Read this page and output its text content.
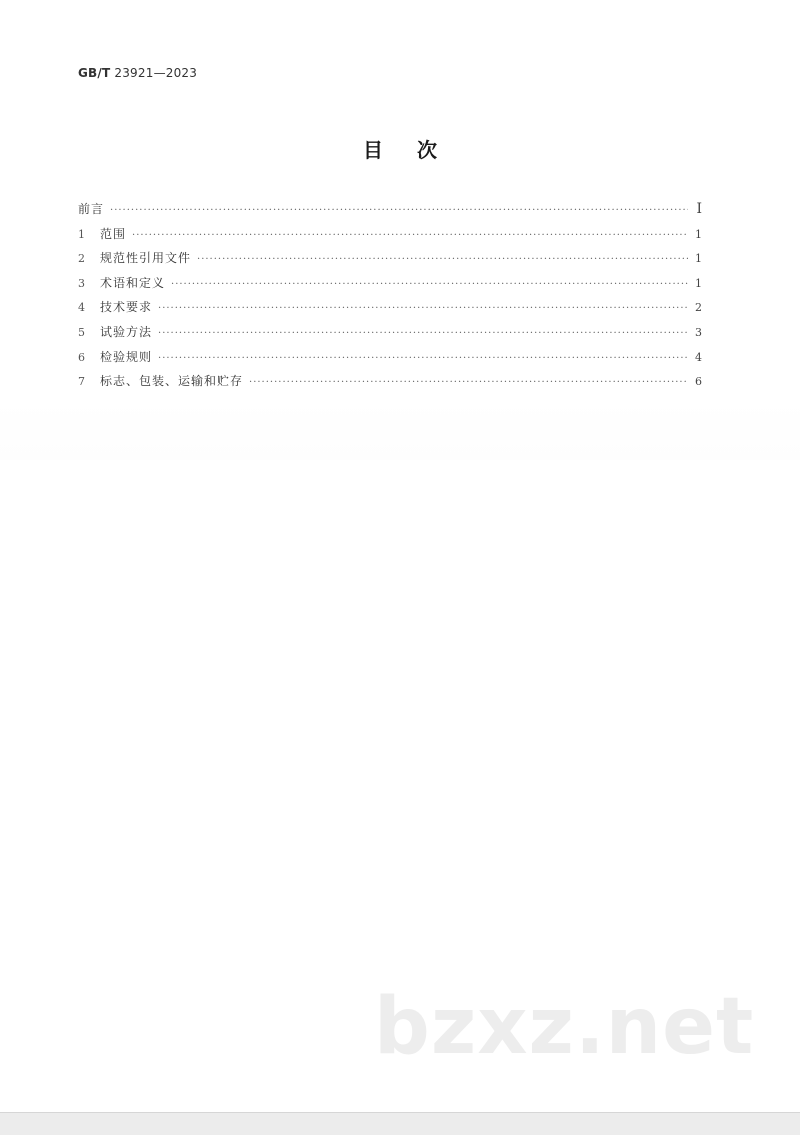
GB/T 23921—2023
目次
前言 ·····	I
1	范围 ·····	1
2	规范性引用文件 ·····	1
3	术语和定义 ·····	1
4	技术要求 ·····	2
5	试验方法 ·····	3
6	检验规则 ·····	4
7	标志、包装、运输和贮存 ·····	6
bzxz.net
